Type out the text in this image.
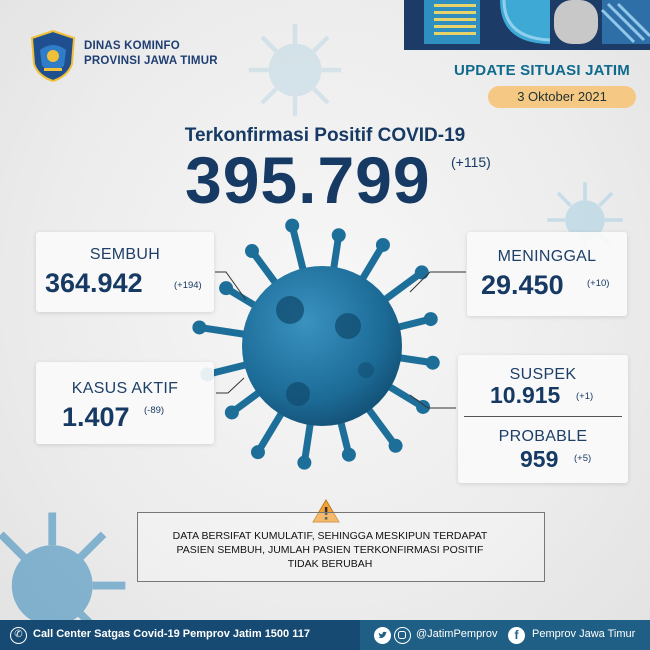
DINAS KOMINFO
PROVINSI JAWA TIMUR
UPDATE SITUASI JATIM
3 Oktober 2021
Terkonfirmasi Positif COVID-19
395.799	(+115)
SEMBUH
364.942	(+194)
MENINGGAL
29.450 (+10)
KASUS AKTIF
1.407 (-89)
SUSPEK
10.915 (+1)
PROBABLE
959 (+5)
DATA BERSIFAT KUMULATIF, SEHINGGA MESKIPUN TERDAPAT
PASIEN SEMBUH, JUMLAH PASIEN TERKONFIRMASI POSITIF
TIDAK BERUBAH
✆ Call Center Satgas Covid-19 Pemprov Jatim 1500 117	@JatimPemprov	f	Pemprov Jawa Timur
